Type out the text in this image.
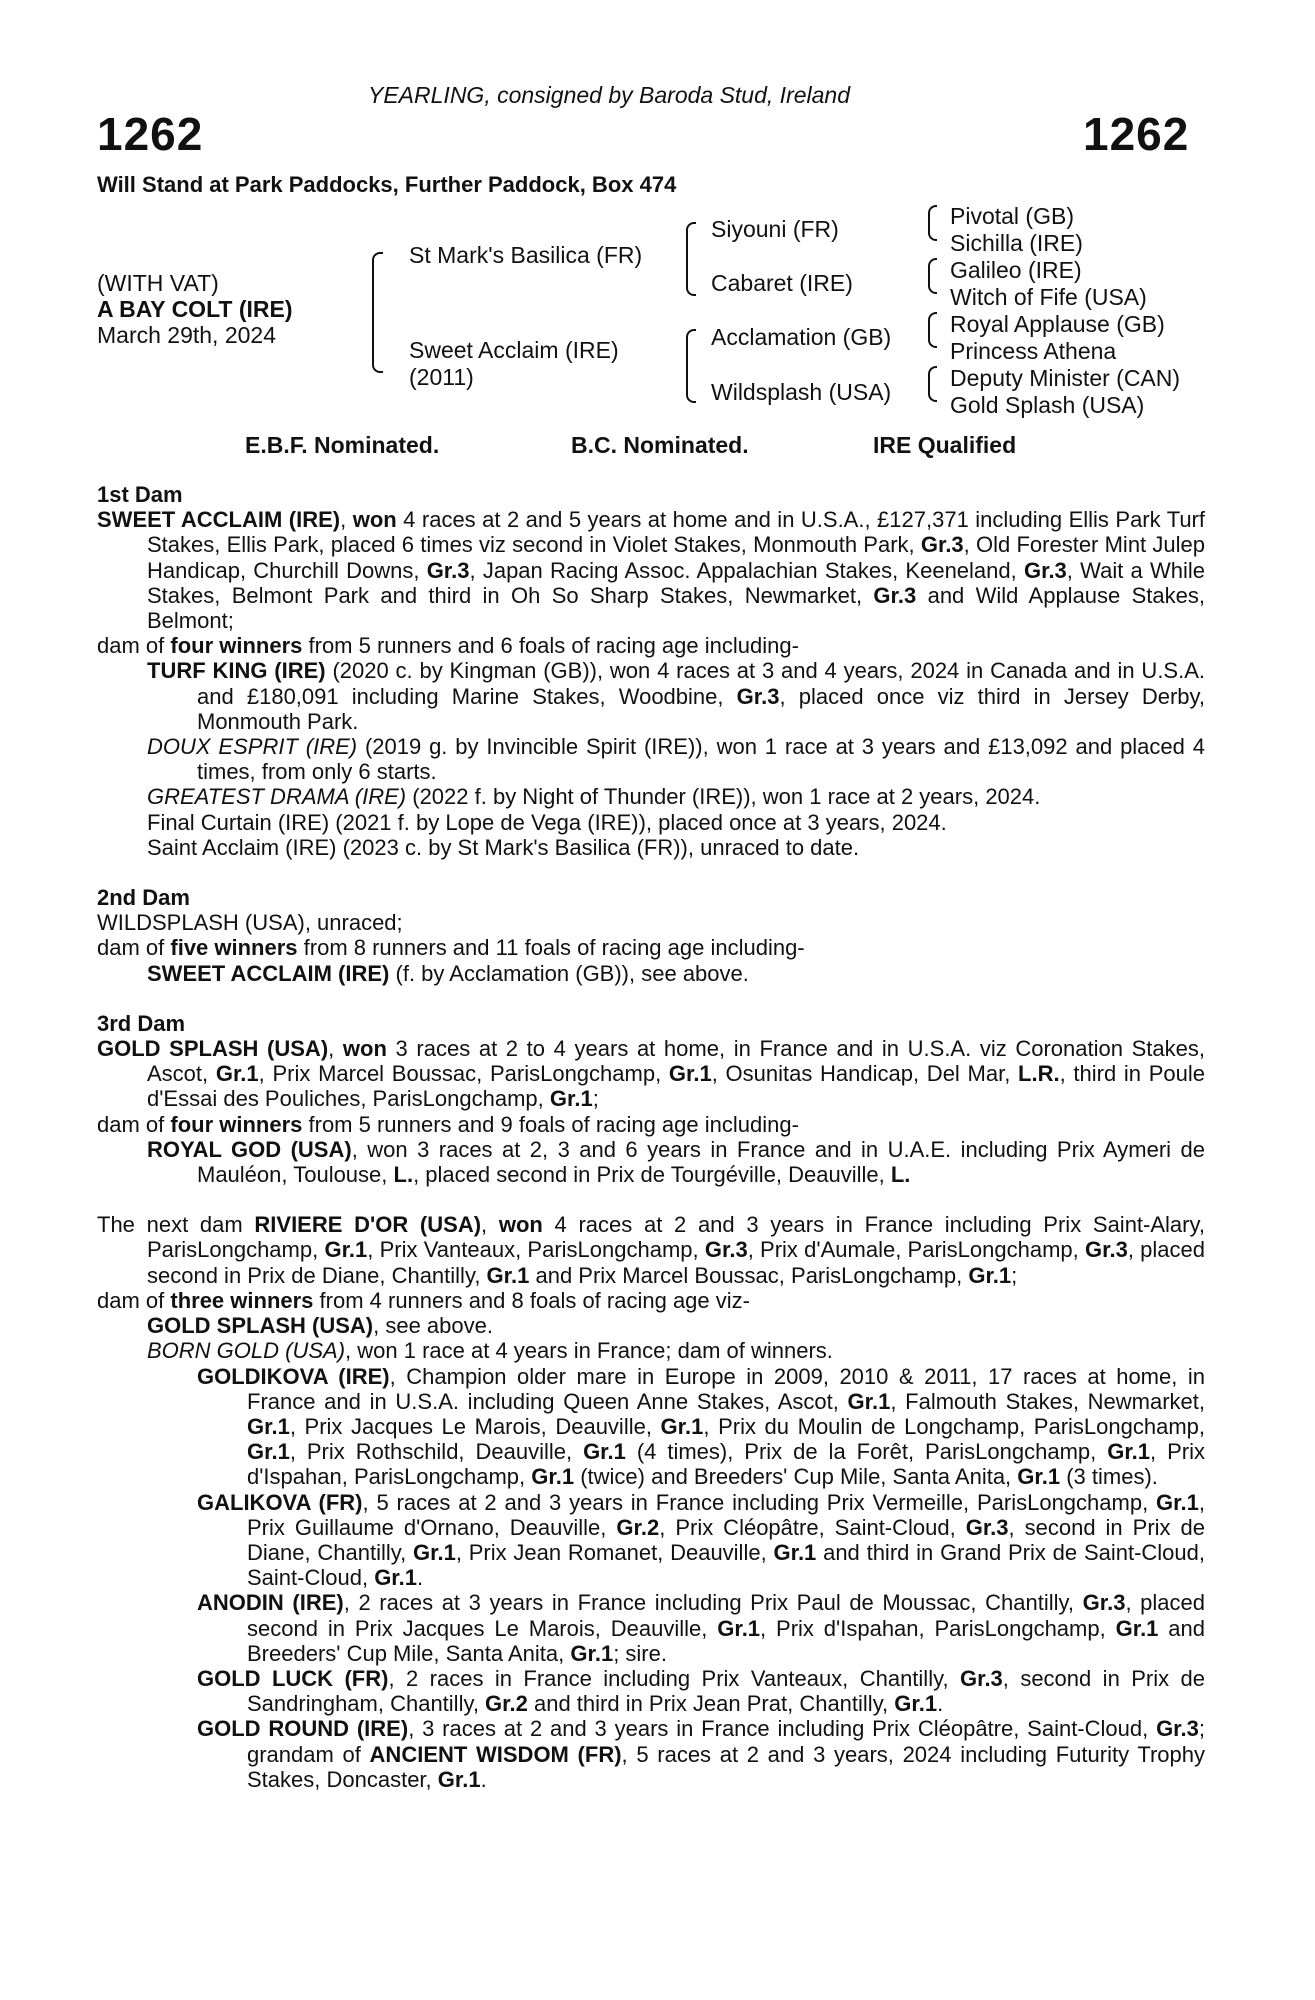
YEARLING, consigned by Baroda Stud, Ireland
1262	1262
Will Stand at Park Paddocks, Further Paddock, Box 474
(WITH VAT)
A BAY COLT (IRE)
March 29th, 2024
St Mark's Basilica (FR)
Sweet Acclaim (IRE)
(2011)
Siyouni (FR)
Cabaret (IRE)
Acclamation (GB)
Wildsplash (USA)
Pivotal (GB)
Sichilla (IRE)
Galileo (IRE)
Witch of Fife (USA)
Royal Applause (GB)
Princess Athena
Deputy Minister (CAN)
Gold Splash (USA)
E.B.F. Nominated.	B.C. Nominated.	IRE Qualified

1st Dam

SWEET ACCLAIM (IRE), won 4 races at 2 and 5 years at home and in U.S.A., £127,371 including Ellis Park Turf Stakes, Ellis Park, placed 6 times viz second in Violet Stakes, Monmouth Park, Gr.3, Old Forester Mint Julep Handicap, Churchill Downs, Gr.3, Japan Racing Assoc. Appalachian Stakes, Keeneland, Gr.3, Wait a While Stakes, Belmont Park and third in Oh So Sharp Stakes, Newmarket, Gr.3 and Wild Applause Stakes, Belmont;

dam of four winners from 5 runners and 6 foals of racing age including-

TURF KING (IRE) (2020 c. by Kingman (GB)), won 4 races at 3 and 4 years, 2024 in Canada and in U.S.A. and £180,091 including Marine Stakes, Woodbine, Gr.3, placed once viz third in Jersey Derby, Monmouth Park.

DOUX ESPRIT (IRE) (2019 g. by Invincible Spirit (IRE)), won 1 race at 3 years and £13,092 and placed 4 times, from only 6 starts.

GREATEST DRAMA (IRE) (2022 f. by Night of Thunder (IRE)), won 1 race at 2 years, 2024.

Final Curtain (IRE) (2021 f. by Lope de Vega (IRE)), placed once at 3 years, 2024.

Saint Acclaim (IRE) (2023 c. by St Mark's Basilica (FR)), unraced to date.

2nd Dam

WILDSPLASH (USA), unraced;

dam of five winners from 8 runners and 11 foals of racing age including-

SWEET ACCLAIM (IRE) (f. by Acclamation (GB)), see above.

3rd Dam

GOLD SPLASH (USA), won 3 races at 2 to 4 years at home, in France and in U.S.A. viz Coronation Stakes, Ascot, Gr.1, Prix Marcel Boussac, ParisLongchamp, Gr.1, Osunitas Handicap, Del Mar, L.R., third in Poule d'Essai des Pouliches, ParisLongchamp, Gr.1;

dam of four winners from 5 runners and 9 foals of racing age including-

ROYAL GOD (USA), won 3 races at 2, 3 and 6 years in France and in U.A.E. including Prix Aymeri de Mauléon, Toulouse, L., placed second in Prix de Tourgéville, Deauville, L.

The next dam RIVIERE D'OR (USA), won 4 races at 2 and 3 years in France including Prix Saint-Alary, ParisLongchamp, Gr.1, Prix Vanteaux, ParisLongchamp, Gr.3, Prix d'Aumale, ParisLongchamp, Gr.3, placed second in Prix de Diane, Chantilly, Gr.1 and Prix Marcel Boussac, ParisLongchamp, Gr.1;

dam of three winners from 4 runners and 8 foals of racing age viz-

GOLD SPLASH (USA), see above.

BORN GOLD (USA), won 1 race at 4 years in France; dam of winners.

GOLDIKOVA (IRE), Champion older mare in Europe in 2009, 2010 & 2011, 17 races at home, in France and in U.S.A. including Queen Anne Stakes, Ascot, Gr.1, Falmouth Stakes, Newmarket, Gr.1, Prix Jacques Le Marois, Deauville, Gr.1, Prix du Moulin de Longchamp, ParisLongchamp, Gr.1, Prix Rothschild, Deauville, Gr.1 (4 times), Prix de la Forêt, ParisLongchamp, Gr.1, Prix d'Ispahan, ParisLongchamp, Gr.1 (twice) and Breeders' Cup Mile, Santa Anita, Gr.1 (3 times).

GALIKOVA (FR), 5 races at 2 and 3 years in France including Prix Vermeille, ParisLongchamp, Gr.1, Prix Guillaume d'Ornano, Deauville, Gr.2, Prix Cléopâtre, Saint-Cloud, Gr.3, second in Prix de Diane, Chantilly, Gr.1, Prix Jean Romanet, Deauville, Gr.1 and third in Grand Prix de Saint-Cloud, Saint-Cloud, Gr.1.

ANODIN (IRE), 2 races at 3 years in France including Prix Paul de Moussac, Chantilly, Gr.3, placed second in Prix Jacques Le Marois, Deauville, Gr.1, Prix d'Ispahan, ParisLongchamp, Gr.1 and Breeders' Cup Mile, Santa Anita, Gr.1; sire.

GOLD LUCK (FR), 2 races in France including Prix Vanteaux, Chantilly, Gr.3, second in Prix de Sandringham, Chantilly, Gr.2 and third in Prix Jean Prat, Chantilly, Gr.1.

GOLD ROUND (IRE), 3 races at 2 and 3 years in France including Prix Cléopâtre, Saint-Cloud, Gr.3; grandam of ANCIENT WISDOM (FR), 5 races at 2 and 3 years, 2024 including Futurity Trophy Stakes, Doncaster, Gr.1.
